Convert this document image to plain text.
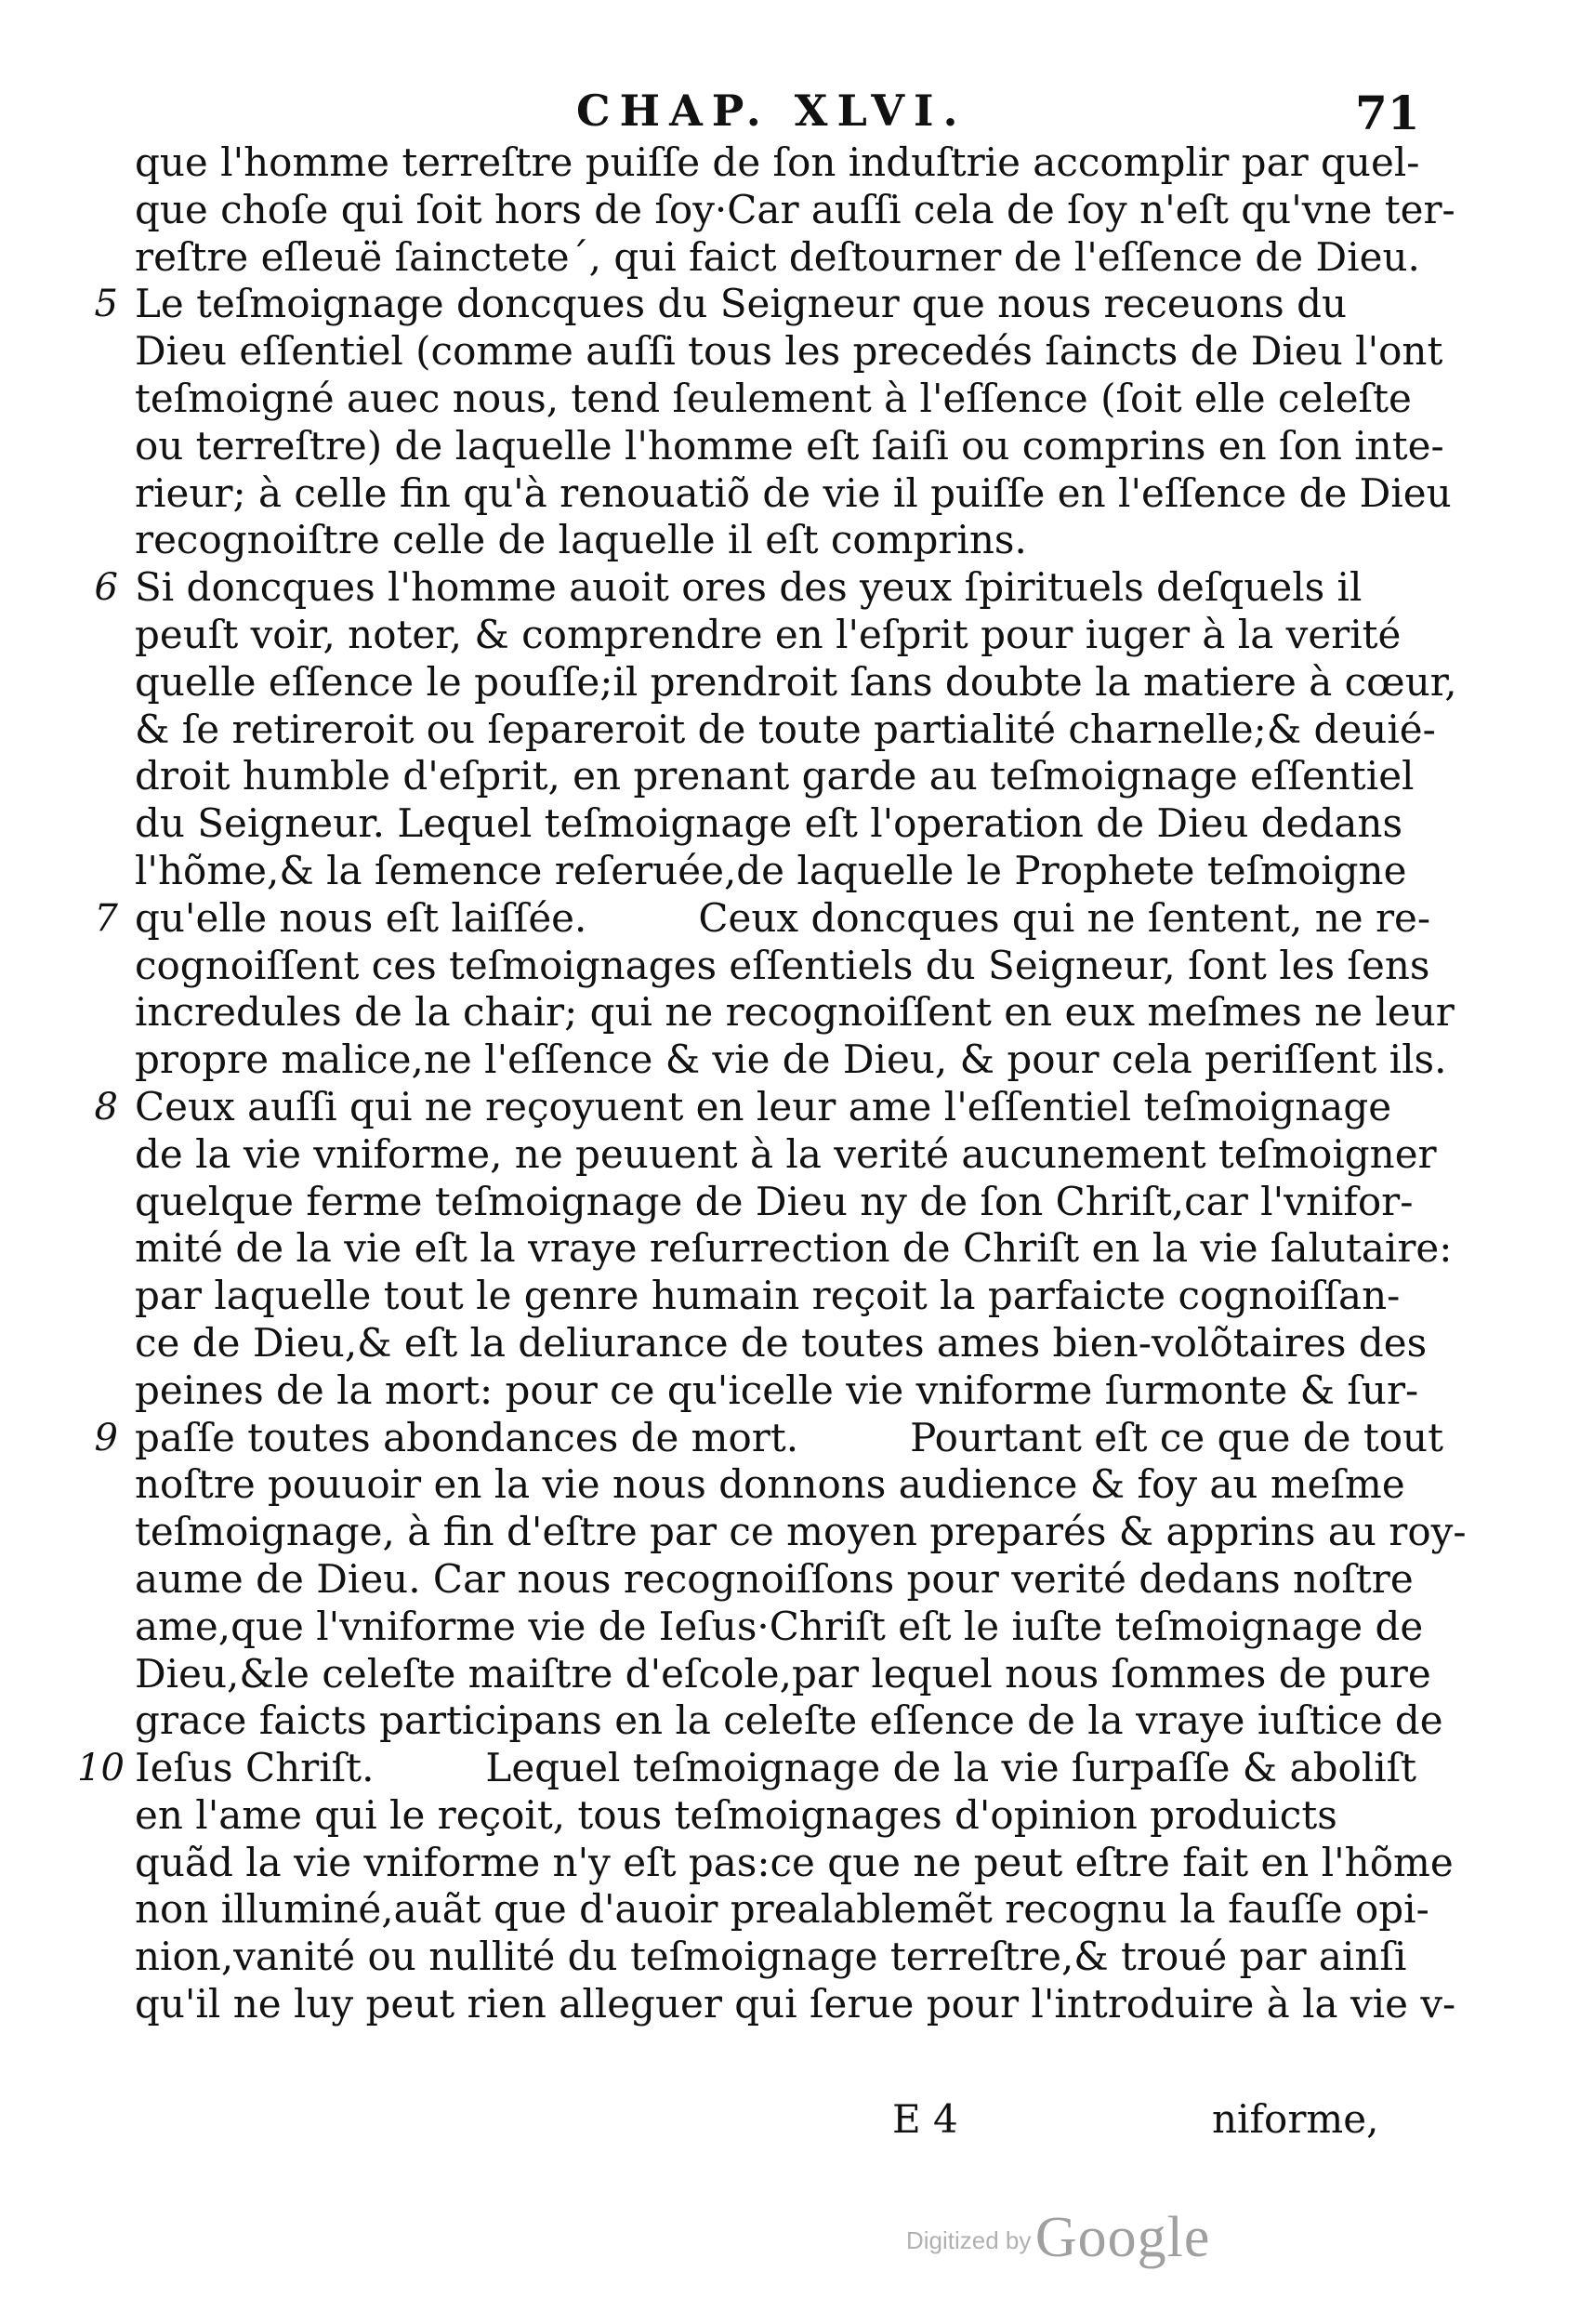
CHAP. XLVI.	71
que l'homme terreſtre puiſſe de ſon induſtrie accomplir par quel-
que choſe qui ſoit hors de ſoy·Car auſſi cela de ſoy n'eſt qu'vne ter-
reſtre eſleuë ſainctete´, qui faict deſtourner de l'eſſence de Dieu.
5 Le teſmoignage doncques du Seigneur que nous receuons du
Dieu eſſentiel (comme auſſi tous les precedés ſaincts de Dieu l'ont
teſmoigné auec nous, tend ſeulement à l'eſſence (ſoit elle celeſte
ou terreſtre) de laquelle l'homme eſt ſaiſi ou comprins en ſon inte-
rieur; à celle fin qu'à renouatiõ de vie il puiſſe en l'eſſence de Dieu
recognoiſtre celle de laquelle il eſt comprins.
6 Si doncques l'homme auoit ores des yeux ſpirituels deſquels il
peuſt voir, noter, & comprendre en l'eſprit pour iuger à la verité
quelle eſſence le pouſſe;il prendroit ſans doubte la matiere à cœur,
& ſe retireroit ou ſepareroit de toute partialité charnelle;& deuié-
droit humble d'eſprit, en prenant garde au teſmoignage eſſentiel
du Seigneur. Lequel teſmoignage eſt l'operation de Dieu dedans
l'hõme,& la ſemence reſeruée,de laquelle le Prophete teſmoigne
7 qu'elle nous eſt laiſſée.	Ceux doncques qui ne ſentent, ne re-
cognoiſſent ces teſmoignages eſſentiels du Seigneur, ſont les ſens
incredules de la chair; qui ne recognoiſſent en eux meſmes ne leur
propre malice,ne l'eſſence & vie de Dieu, & pour cela periſſent ils.
8 Ceux auſſi qui ne reçoyuent en leur ame l'eſſentiel teſmoignage
de la vie vniforme, ne peuuent à la verité aucunement teſmoigner
quelque ferme teſmoignage de Dieu ny de ſon Chriſt,car l'vnifor-
mité de la vie eſt la vraye reſurrection de Chriſt en la vie ſalutaire:
par laquelle tout le genre humain reçoit la parfaicte cognoiſſan-
ce de Dieu,& eſt la deliurance de toutes ames bien-volõtaires des
peines de la mort: pour ce qu'icelle vie vniforme ſurmonte & ſur-
9 paſſe toutes abondances de mort.	Pourtant eſt ce que de tout
noſtre pouuoir en la vie nous donnons audience & foy au meſme
teſmoignage, à fin d'eſtre par ce moyen preparés & apprins au roy-
aume de Dieu. Car nous recognoiſſons pour verité dedans noſtre
ame,que l'vniforme vie de Ieſus·Chriſt eſt le iuſte teſmoignage de
Dieu,&le celeſte maiſtre d'eſcole,par lequel nous ſommes de pure
grace faicts participans en la celeſte eſſence de la vraye iuſtice de
10 Ieſus Chriſt.	Lequel teſmoignage de la vie ſurpaſſe & aboliſt
en l'ame qui le reçoit, tous teſmoignages d'opinion produicts
quãd la vie vniforme n'y eſt pas:ce que ne peut eſtre fait en l'hõme
non illuminé,auãt que d'auoir prealablemẽt recognu la fauſſe opi-
nion,vanité ou nullité du teſmoignage terreſtre,& troué par ainſi
qu'il ne luy peut rien alleguer qui ſerue pour l'introduire à la vie v-
E 4	niforme,
Digitized by Google
